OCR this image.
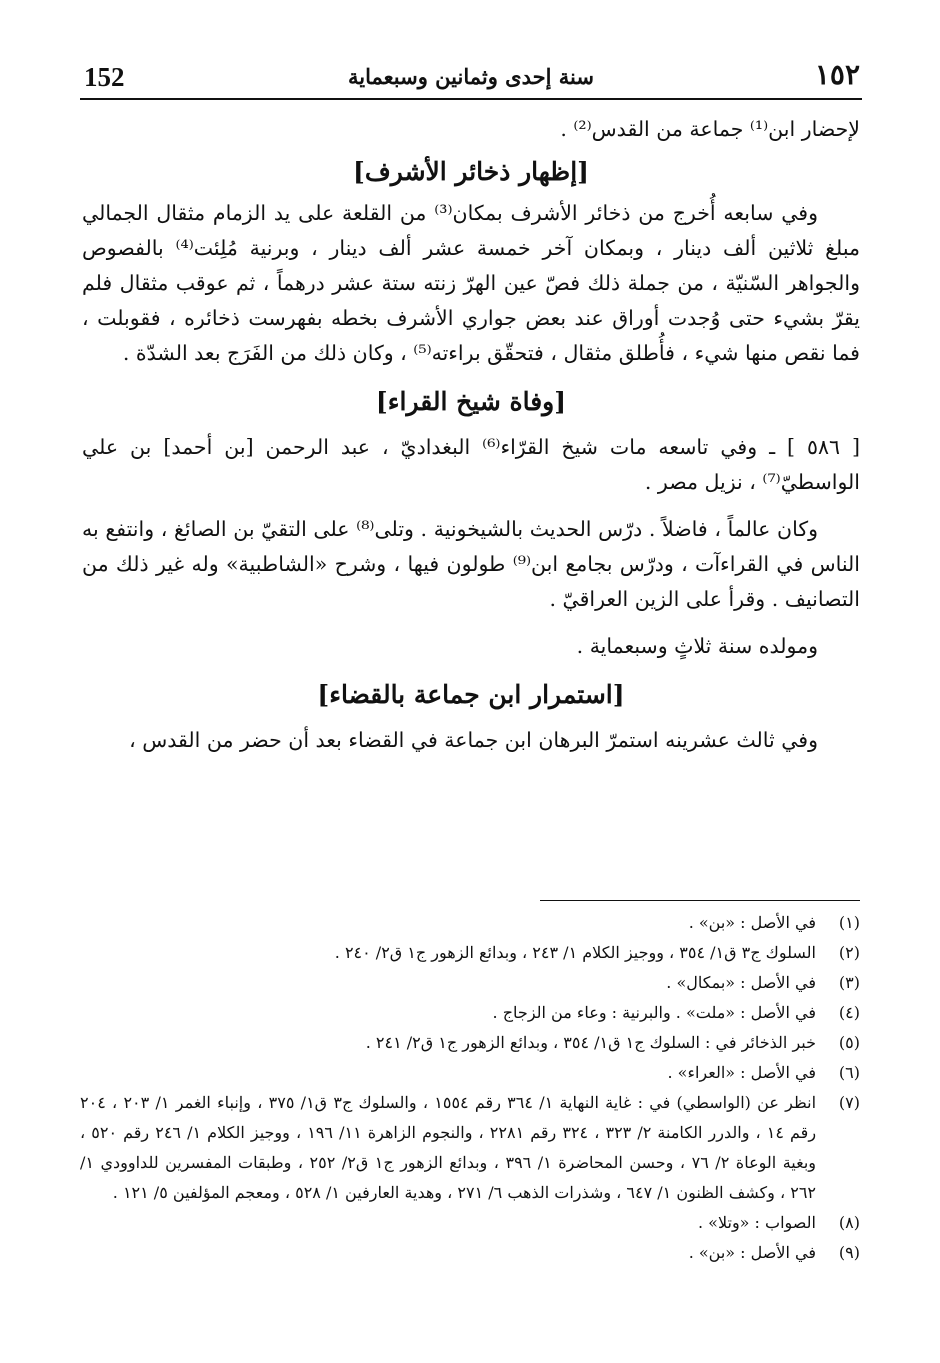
152	سنة إحدى وثمانين وسبعماية	١٥٢

لإحضار ابن⁽¹⁾ جماعة من القدس⁽²⁾ .

[إظهار ذخائر الأشرف]

وفي سابعه أُخرج من ذخائر الأشرف بمكان⁽³⁾ من القلعة على يد الزمام مثقال الجمالي مبلغ ثلاثين ألف دينار ، وبمكان آخر خمسة عشر ألف دينار ، وبرنية مُلِئت⁽⁴⁾ بالفصوص والجواهر السّنيّة ، من جملة ذلك فصّ عين الهرّ زنته ستة عشر درهماً ، ثم عوقب مثقال فلم يقرّ بشيء حتى وُجدت أوراق عند بعض جواري الأشرف بخطه بفهرست ذخائره ، فقوبلت ، فما نقص منها شيء ، فأُطلق مثقال ، فتحقّق براءته⁽⁵⁾ ، وكان ذلك من الفَرَج بعد الشدّة .

[وفاة شيخ القراء]

[ ٥٨٦ ] ـ وفي تاسعه مات شيخ القرّاء⁽⁶⁾ البغداديّ ، عبد الرحمن [بن أحمد] بن علي الواسطيّ⁽⁷⁾ ، نزيل مصر .

وكان عالماً ، فاضلاً . درّس الحديث بالشيخونية . وتلى⁽⁸⁾ على التقيّ بن الصائغ ، وانتفع به الناس في القراءآت ، ودرّس بجامع ابن⁽⁹⁾ طولون فيها ، وشرح «الشاطبية» وله غير ذلك من التصانيف . وقرأ على الزين العراقيّ .

ومولده سنة ثلاثٍ وسبعماية .

[استمرار ابن جماعة بالقضاء]

وفي ثالث عشرينه استمرّ البرهان ابن جماعة في القضاء بعد أن حضر من القدس ،

(١)
في الأصل : «بن» .

(٢)
السلوك ج٣ ق١/ ٣٥٤ ، ووجيز الكلام ١/ ٢٤٣ ، وبدائع الزهور ج١ ق٢/ ٢٤٠ .

(٣)
في الأصل : «بمكال» .

(٤)
في الأصل : «ملت» . والبرنية : وعاء من الزجاج .

(٥)
خبر الذخائر في : السلوك ج١ ق١/ ٣٥٤ ، وبدائع الزهور ج١ ق٢/ ٢٤١ .

(٦)
في الأصل : «العراء» .

(٧)
انظر عن (الواسطي) في : غاية النهاية ١/ ٣٦٤ رقم ١٥٥٤ ، والسلوك ج٣ ق١/ ٣٧٥ ، وإنباء الغمر ١/ ٢٠٣ ، ٢٠٤ رقم ١٤ ، والدرر الكامنة ٢/ ٣٢٣ ، ٣٢٤ رقم ٢٢٨١ ، والنجوم الزاهرة ١١/ ١٩٦ ، ووجيز الكلام ١/ ٢٤٦ رقم ٥٢٠ ، وبغية الوعاة ٢/ ٧٦ ، وحسن المحاضرة ١/ ٣٩٦ ، وبدائع الزهور ج١ ق٢/ ٢٥٢ ، وطبقات المفسرين للداوودي ١/ ٢٦٢ ، وكشف الظنون ١/ ٦٤٧ ، وشذرات الذهب ٦/ ٢٧١ ، وهدية العارفين ١/ ٥٢٨ ، ومعجم المؤلفين ٥/ ١٢١ .

(٨)
الصواب : «وتلا» .

(٩)
في الأصل : «بن» .
